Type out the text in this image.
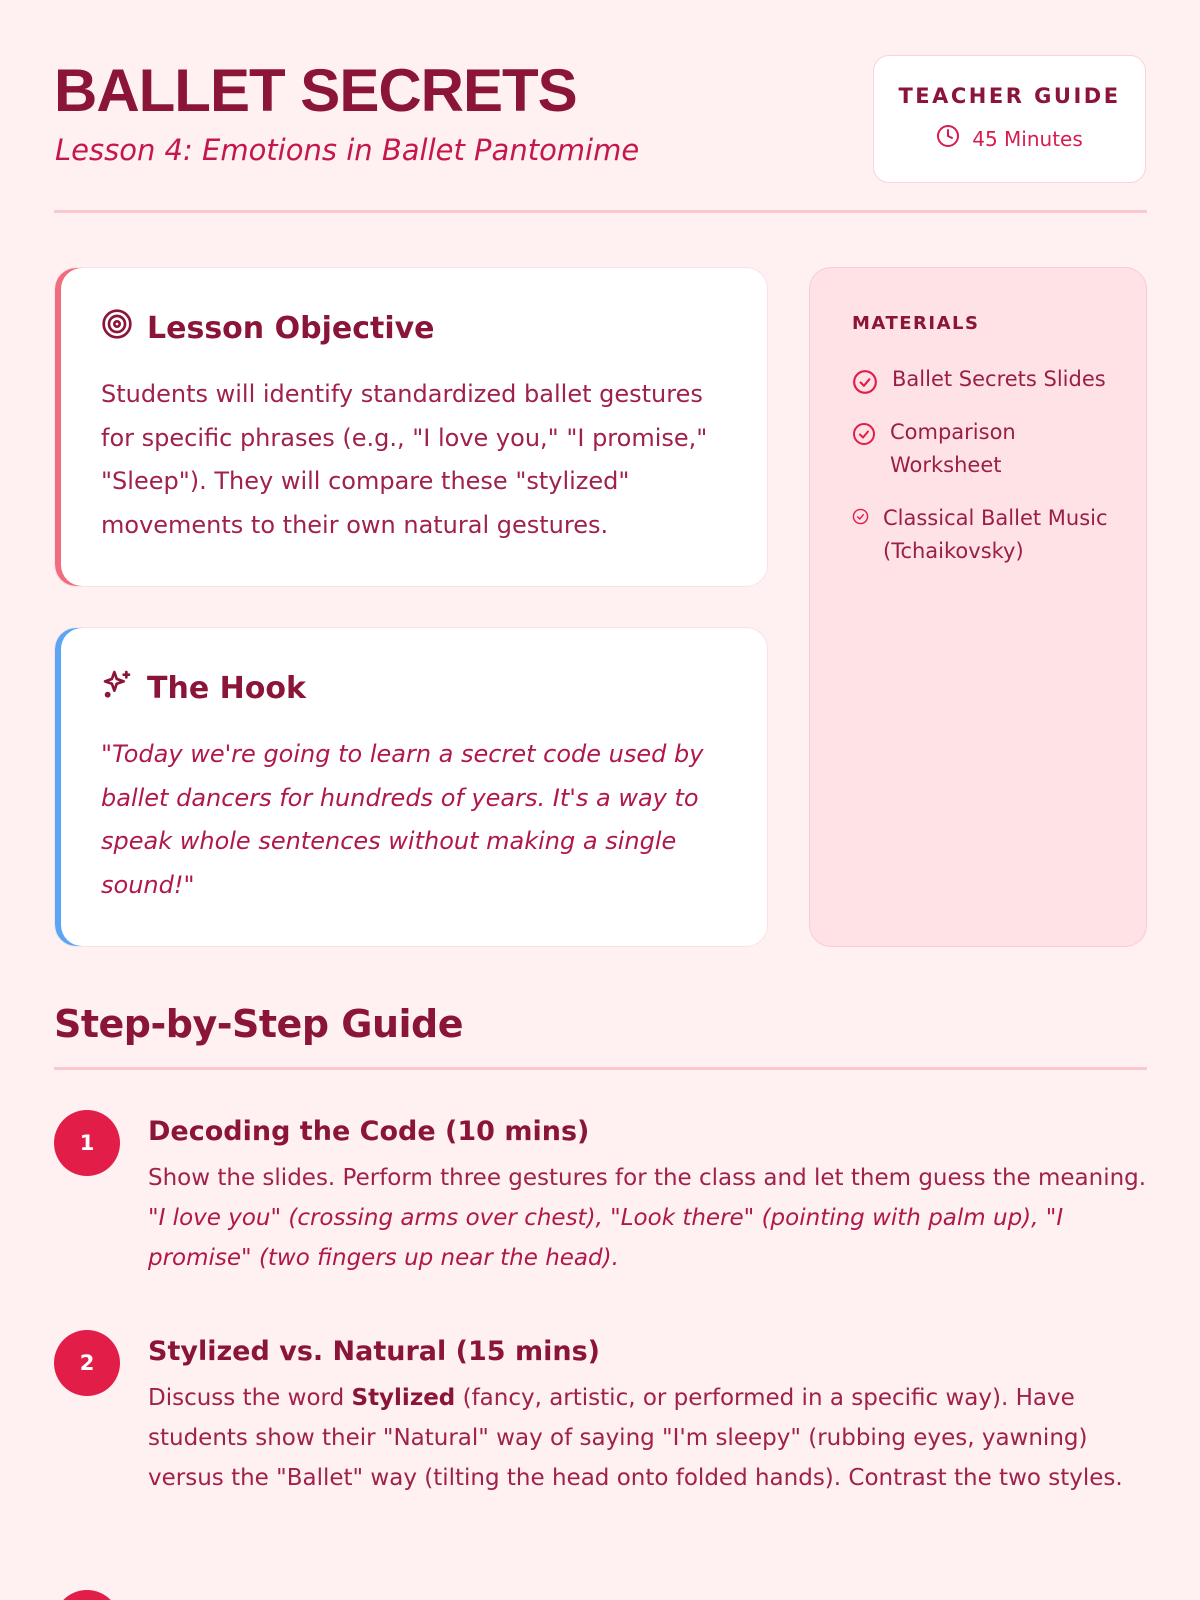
BALLET SECRETS
Lesson 4: Emotions in Ballet Pantomime
TEACHER GUIDE
45 Minutes
Lesson Objective

Students will identify standardized ballet gestures for specific phrases (e.g., "I love you," "I promise," "Sleep"). They will compare these "stylized" movements to their own natural gestures.

The Hook

"Today we're going to learn a secret code used by ballet dancers for hundreds of years. It's a way to speak whole sentences without making a single sound!"

MATERIALS
Ballet Secrets Slides
Comparison Worksheet
Classical Ballet Music (Tchaikovsky)
Step-by-Step Guide
1	Decoding the Code (10 mins)

Show the slides. Perform three gestures for the class and let them guess the meaning. "I love you" (crossing arms over chest), "Look there" (pointing with palm up), "I promise" (two fingers up near the head).

2	Stylized vs. Natural (15 mins)

Discuss the word Stylized (fancy, artistic, or performed in a specific way). Have students show their "Natural" way of saying "I'm sleepy" (rubbing eyes, yawning) versus the "Ballet" way (tilting the head onto folded hands). Contrast the two styles.
